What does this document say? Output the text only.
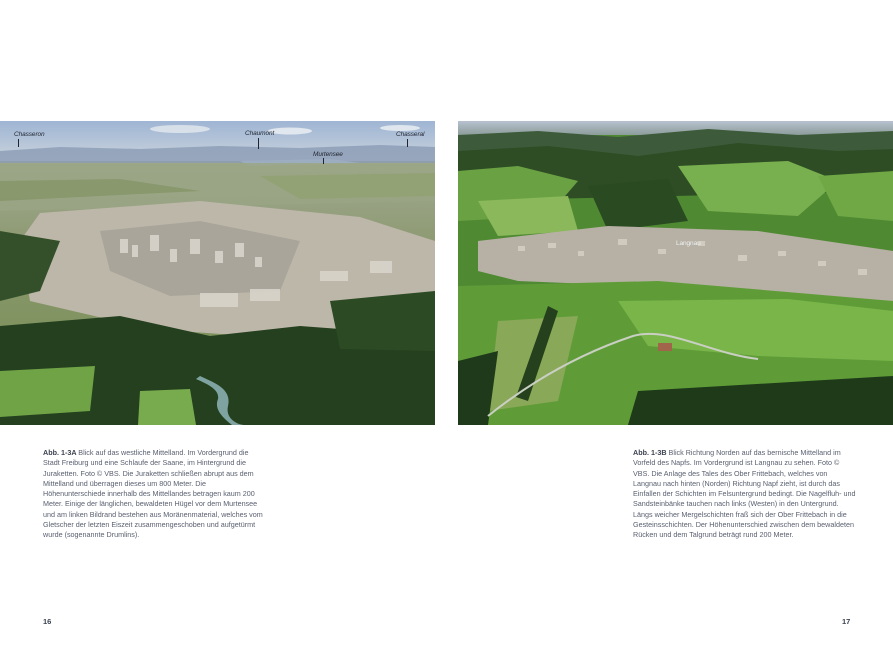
Chasseron	Chaumont
Murtensee
Chasseral
Langnau
Abb. 1-3A Blick auf das westliche Mittelland. Im Vordergrund die Stadt Freiburg und eine Schlaufe der Saane, im Hintergrund die Juraketten. Foto © VBS. Die Juraketten schließen abrupt aus dem Mittelland und überragen dieses um 800 Meter. Die Höhenunterschiede innerhalb des Mittellandes betragen kaum 200 Meter. Einige der länglichen, bewaldeten Hügel vor dem Murtensee und am linken Bildrand bestehen aus Moränenmaterial, welches vom Gletscher der letzten Eiszeit zusammengeschoben und aufgetürmt wurde (sogenannte Drumlins).
Abb. 1-3B Blick Richtung Norden auf das bernische Mittelland im Vorfeld des Napfs. Im Vordergrund ist Langnau zu sehen. Foto © VBS. Die Anlage des Tales des Ober Frittebach, welches von Langnau nach hinten (Norden) Richtung Napf zieht, ist durch das Einfallen der Schichten im Felsuntergrund bedingt. Die Nagelfluh- und Sandsteinbänke tauchen nach links (Westen) in den Untergrund. Längs weicher Mergelschichten fraß sich der Ober Frittebach in die Gesteinsschichten. Der Höhenunterschied zwischen dem bewaldeten Rücken und dem Talgrund beträgt rund 200 Meter.
16	17
